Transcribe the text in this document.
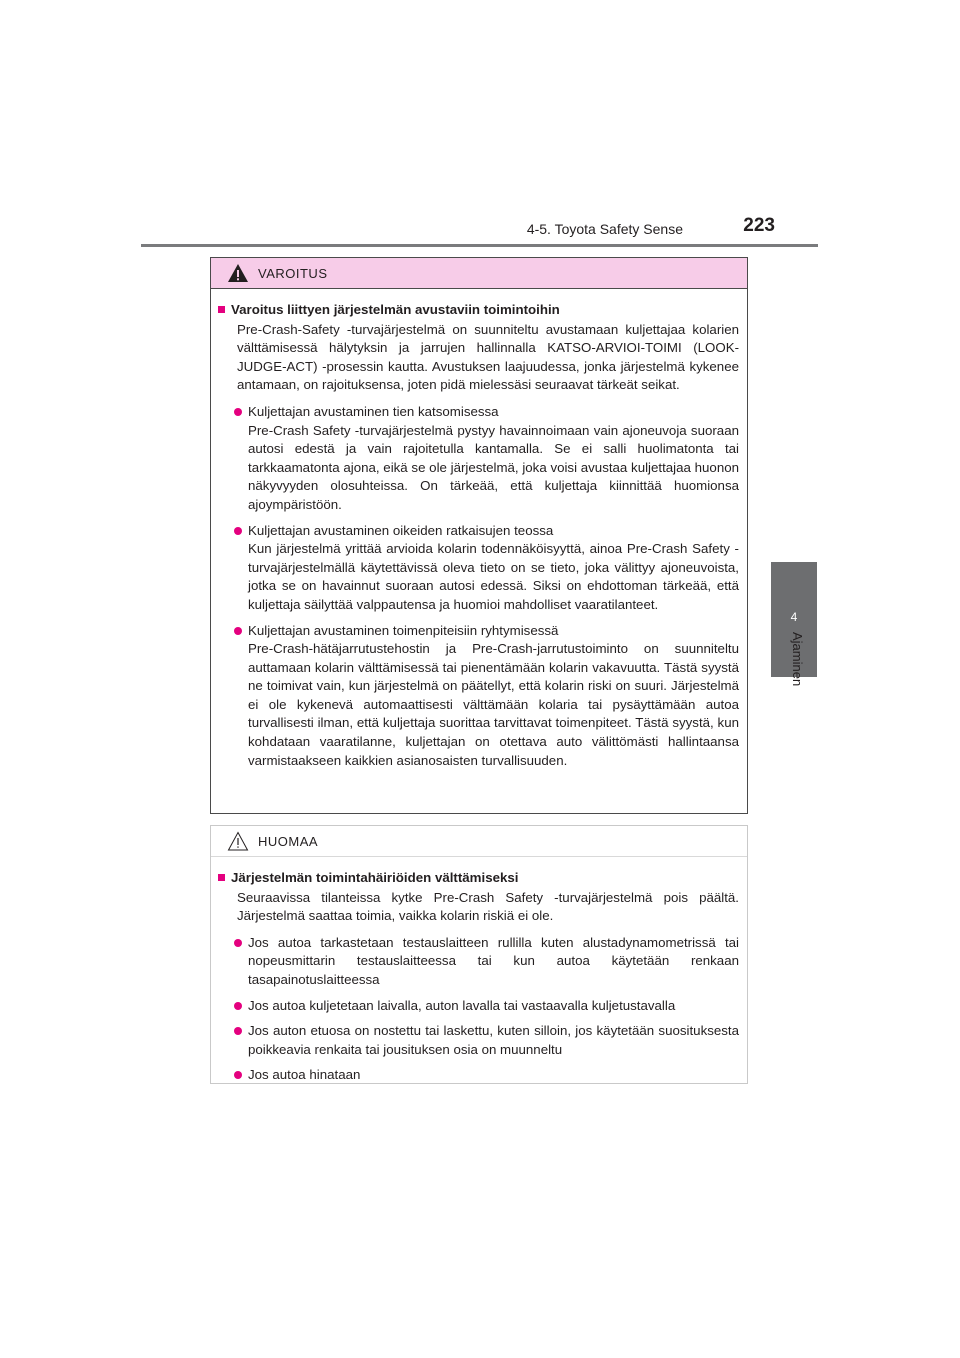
4-5. Toyota Safety Sense	223
4
Ajaminen
VAROITUS
Varoitus liittyen järjestelmän avustaviin toimintoihin

Pre-Crash-Safety -turvajärjestelmä on suunniteltu avustamaan kuljettajaa kolarien välttämisessä hälytyksin ja jarrujen hallinnalla KATSO-ARVIOI-TOIMI (LOOK-JUDGE-ACT) -prosessin kautta. Avustuksen laajuudessa, jonka järjestelmä kykenee antamaan, on rajoituksensa, joten pidä mielessäsi seuraavat tärkeät seikat.

Kuljettajan avustaminen tien katsomisessa
Pre-Crash Safety -turvajärjestelmä pystyy havainnoimaan vain ajoneuvoja suoraan autosi edestä ja vain rajoitetulla kantamalla. Se ei salli huolimatonta tai tarkkaamatonta ajona, eikä se ole järjestelmä, joka voisi avustaa kuljettajaa huonon näkyvyyden olosuhteissa. On tärkeää, että kuljettaja kiinnittää huomionsa ajoympäristöön.
Kuljettajan avustaminen oikeiden ratkaisujen teossa
Kun järjestelmä yrittää arvioida kolarin todennäköisyyttä, ainoa Pre-Crash Safety -turvajärjestelmällä käytettävissä oleva tieto on se tieto, joka välittyy ajoneuvoista, jotka se on havainnut suoraan autosi edessä. Siksi on ehdottoman tärkeää, että kuljettaja säilyttää valppautensa ja huomioi mahdolliset vaaratilanteet.
Kuljettajan avustaminen toimenpiteisiin ryhtymisessä
Pre-Crash-hätäjarrutustehostin ja Pre-Crash-jarrutustoiminto on suunniteltu auttamaan kolarin välttämisessä tai pienentämään kolarin vakavuutta. Tästä syystä ne toimivat vain, kun järjestelmä on päätellyt, että kolarin riski on suuri. Järjestelmä ei ole kykenevä automaattisesti välttämään kolaria tai pysäyttämään autoa turvallisesti ilman, että kuljettaja suorittaa tarvittavat toimenpiteet. Tästä syystä, kun kohdataan vaaratilanne, kuljettajan on otettava auto välittömästi hallintaansa varmistaakseen kaikkien asianosaisten turvallisuuden.
HUOMAA
Järjestelmän toimintahäiriöiden välttämiseksi

Seuraavissa tilanteissa kytke Pre-Crash Safety -turvajärjestelmä pois päältä. Järjestelmä saattaa toimia, vaikka kolarin riskiä ei ole.

Jos autoa tarkastetaan testauslaitteen rullilla kuten alustadynamometrissä tai nopeusmittarin testauslaitteessa tai kun autoa käytetään renkaan tasapainotuslaitteessa
Jos autoa kuljetetaan laivalla, auton lavalla tai vastaavalla kuljetustavalla
Jos auton etuosa on nostettu tai laskettu, kuten silloin, jos käytetään suosituksesta poikkeavia renkaita tai jousituksen osia on muunneltu
Jos autoa hinataan
